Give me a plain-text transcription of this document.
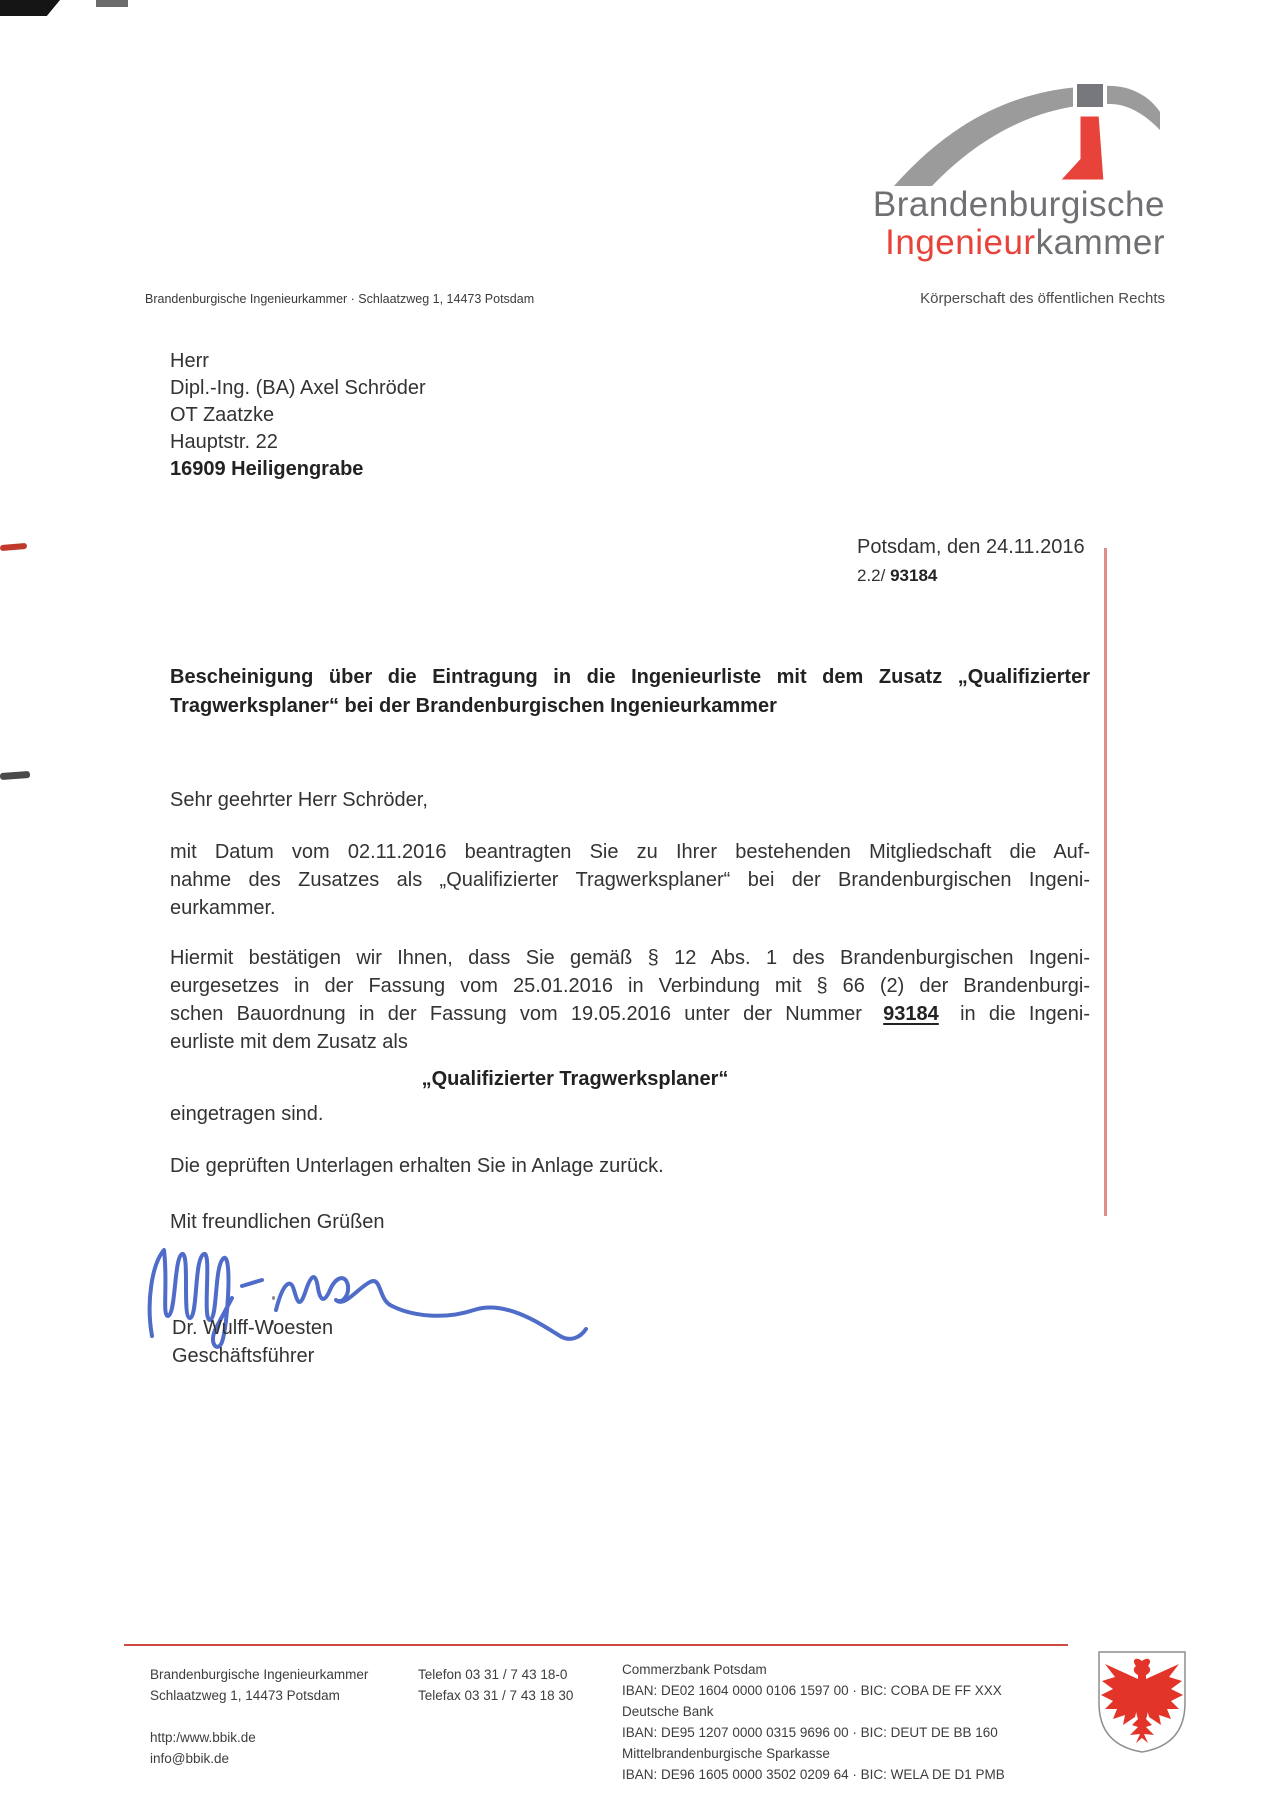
Brandenburgische
Ingenieurkammer
Körperschaft des öffentlichen Rechts
Brandenburgische Ingenieurkammer · Schlaatzweg 1, 14473 Potsdam
Herr
Dipl.-Ing. (BA) Axel Schröder
OT Zaatzke
Hauptstr. 22
16909 Heiligengrabe
Potsdam, den 24.11.2016
2.2/ 93184
Bescheinigung über die Eintragung in die Ingenieurliste mit dem Zusatz „Qualifizierter
Tragwerksplaner“ bei der Brandenburgischen Ingenieurkammer
Sehr geehrter Herr Schröder,
mit Datum vom 02.11.2016 beantragten Sie zu Ihrer bestehenden Mitgliedschaft die Auf-
nahme des Zusatzes als „Qualifizierter Tragwerksplaner“ bei der Brandenburgischen Ingeni-
eurkammer.
Hiermit bestätigen wir Ihnen, dass Sie gemäß § 12 Abs. 1 des Brandenburgischen Ingeni-
eurgesetzes in der Fassung vom 25.01.2016 in Verbindung mit § 66 (2) der Brandenburgi-
schen Bauordnung in der Fassung vom 19.05.2016 unter der Nummer 93184 in die Ingeni-
eurliste mit dem Zusatz als
„Qualifizierter Tragwerksplaner“
eingetragen sind.
Die geprüften Unterlagen erhalten Sie in Anlage zurück.
Mit freundlichen Grüßen
Dr. Wulff-Woesten
Geschäftsführer
Brandenburgische Ingenieurkammer
Schlaatzweg 1, 14473 Potsdam
http:/www.bbik.de
info@bbik.de
Telefon 03 31 / 7 43 18-0
Telefax 03 31 / 7 43 18 30
Commerzbank Potsdam
IBAN: DE02 1604 0000 0106 1597 00 · BIC: COBA DE FF XXX
Deutsche Bank
IBAN: DE95 1207 0000 0315 9696 00 · BIC: DEUT DE BB 160
Mittelbrandenburgische Sparkasse
IBAN: DE96 1605 0000 3502 0209 64 · BIC: WELA DE D1 PMB
